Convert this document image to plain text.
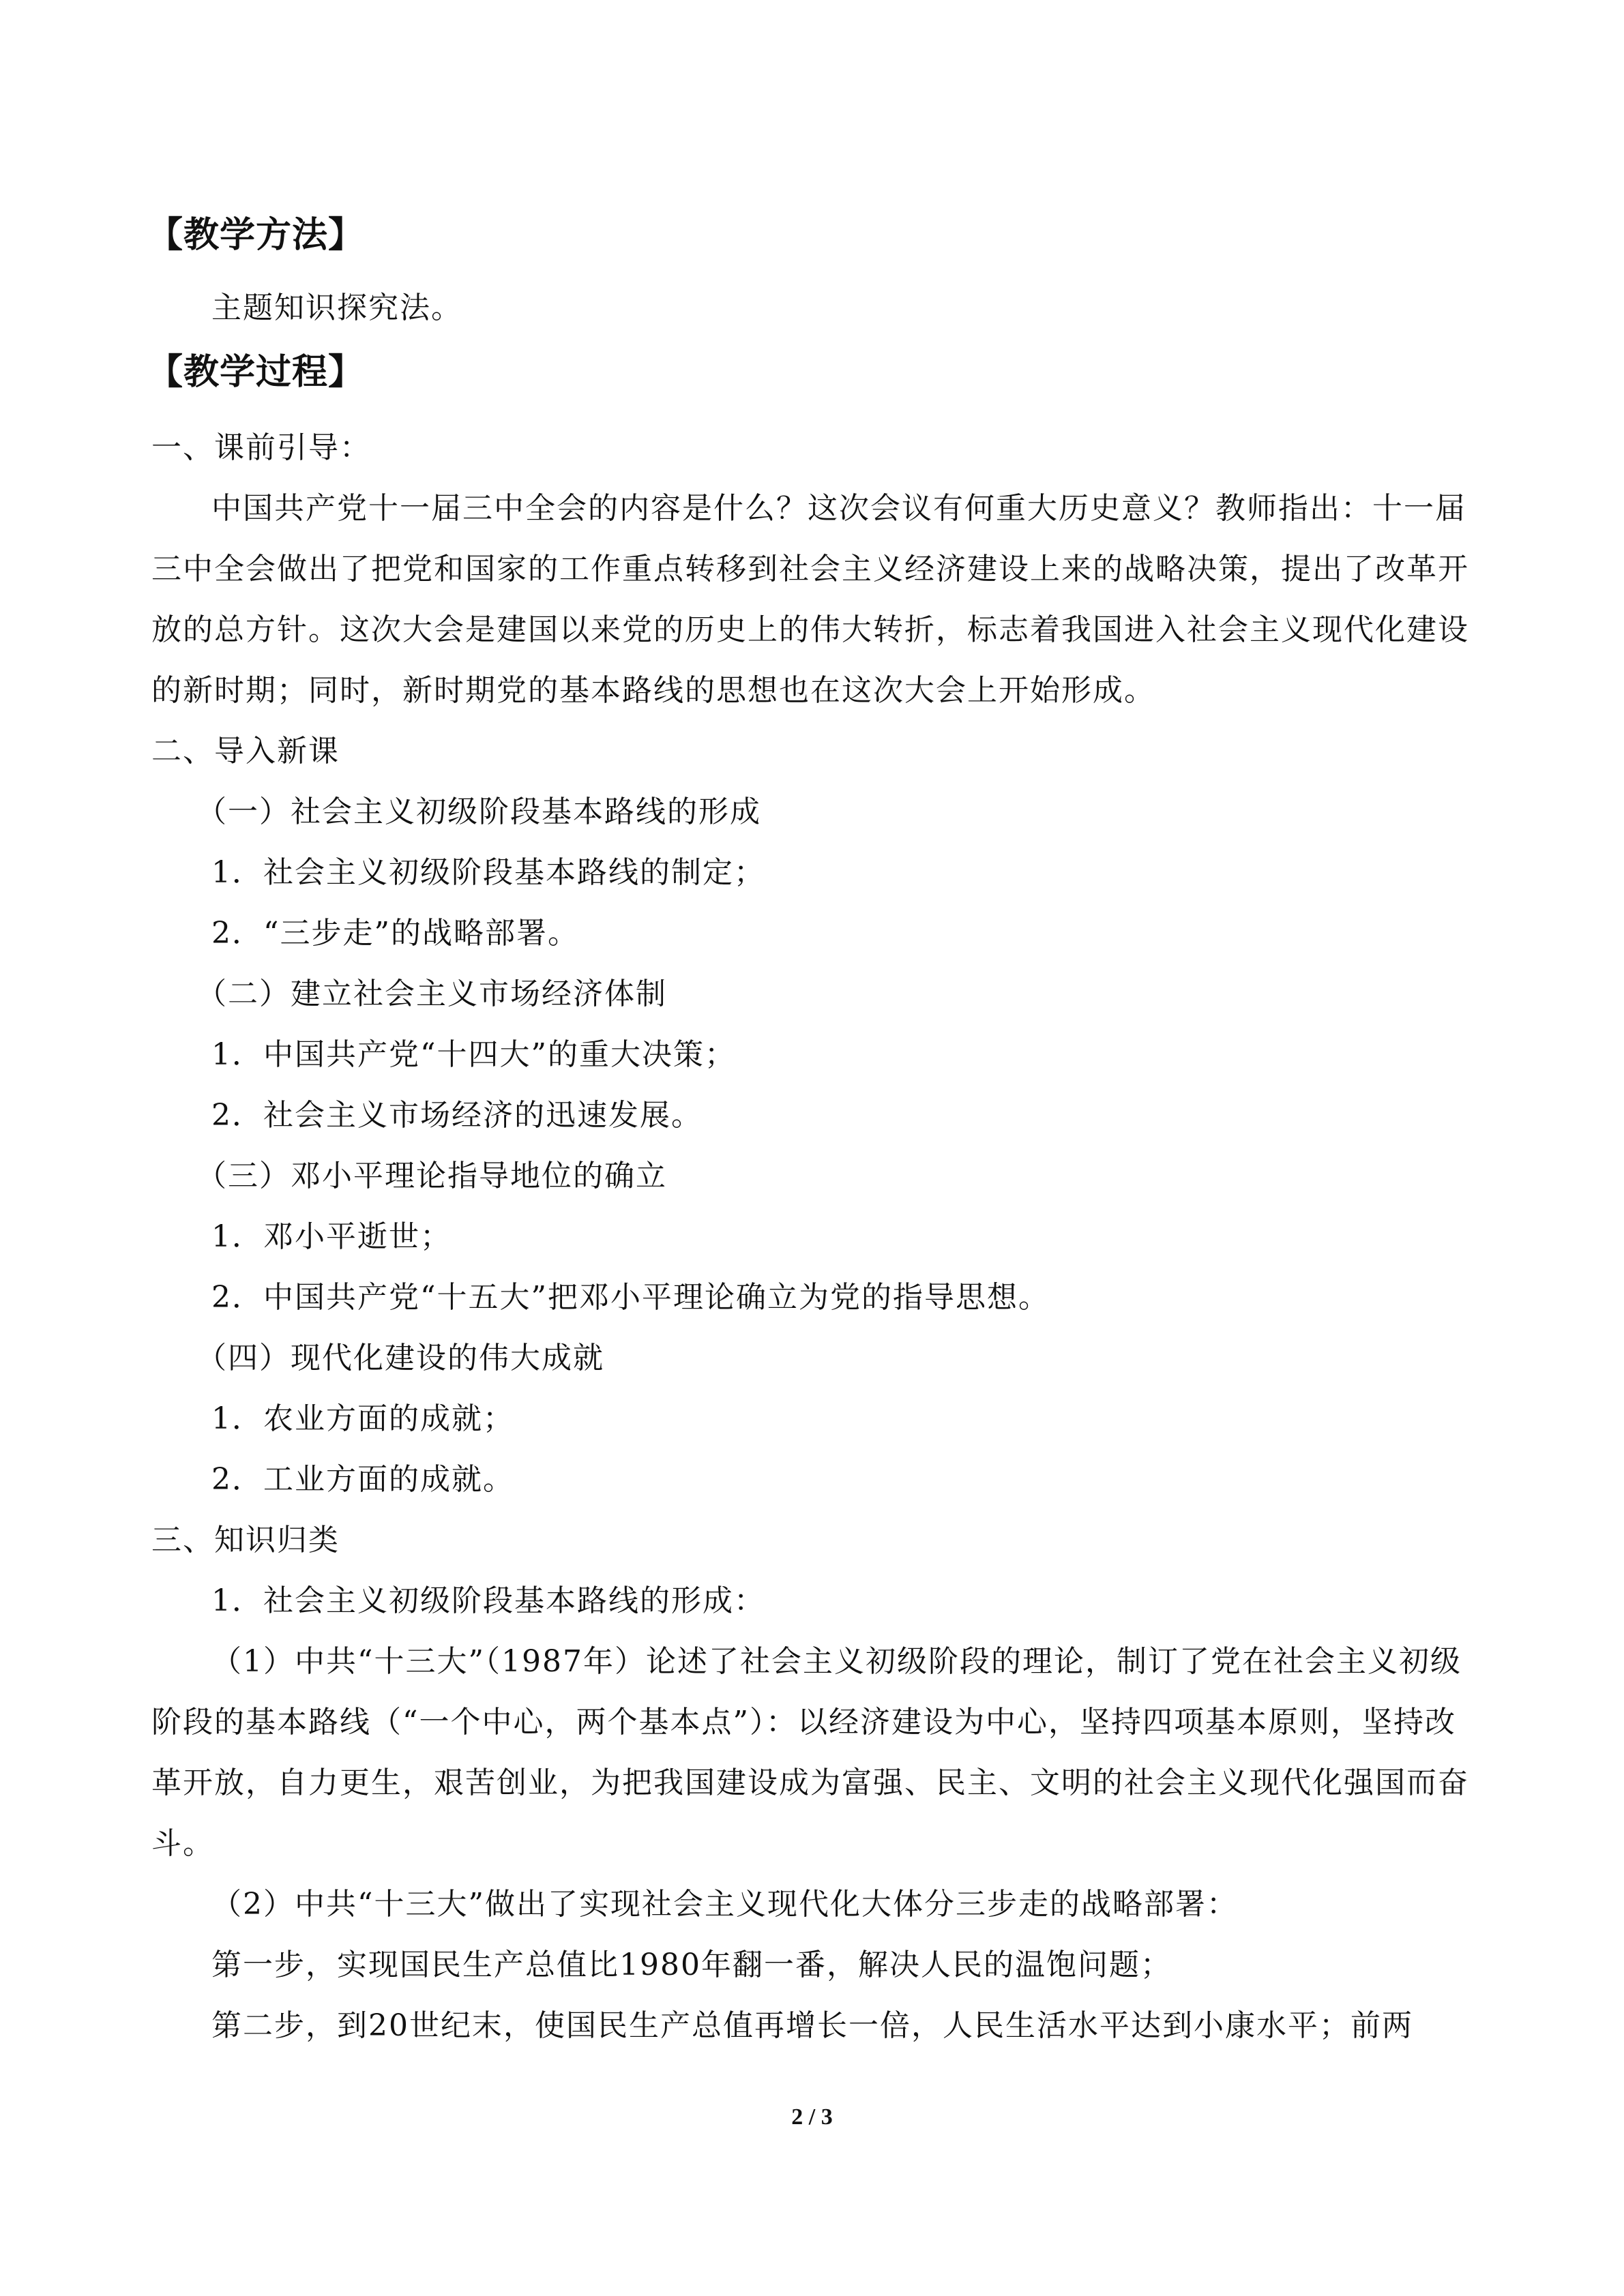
【教学方法】

主题知识探究法。

【教学过程】

一、课前引导：

中国共产党十一届三中全会的内容是什么？这次会议有何重大历史意义？教师指出：十一届三中全会做出了把党和国家的工作重点转移到社会主义经济建设上来的战略决策，提出了改革开放的总方针。这次大会是建国以来党的历史上的伟大转折，标志着我国进入社会主义现代化建设的新时期；同时，新时期党的基本路线的思想也在这次大会上开始形成。

二、导入新课

（一）社会主义初级阶段基本路线的形成

1．社会主义初级阶段基本路线的制定；

2．“三步走”的战略部署。

（二）建立社会主义市场经济体制

1．中国共产党“十四大”的重大决策；

2．社会主义市场经济的迅速发展。

（三）邓小平理论指导地位的确立

1．邓小平逝世；

2．中国共产党“十五大”把邓小平理论确立为党的指导思想。

（四）现代化建设的伟大成就

1．农业方面的成就；

2．工业方面的成就。

三、知识归类

1．社会主义初级阶段基本路线的形成：

（1）中共“十三大”（1987年）论述了社会主义初级阶段的理论，制订了党在社会主义初级阶段的基本路线（“一个中心，两个基本点”）：以经济建设为中心，坚持四项基本原则，坚持改革开放，自力更生，艰苦创业，为把我国建设成为富强、民主、文明的社会主义现代化强国而奋斗。

（2）中共“十三大”做出了实现社会主义现代化大体分三步走的战略部署：

第一步，实现国民生产总值比1980年翻一番，解决人民的温饱问题；

第二步，到20世纪末，使国民生产总值再增长一倍，人民生活水平达到小康水平；前两

2 / 3
